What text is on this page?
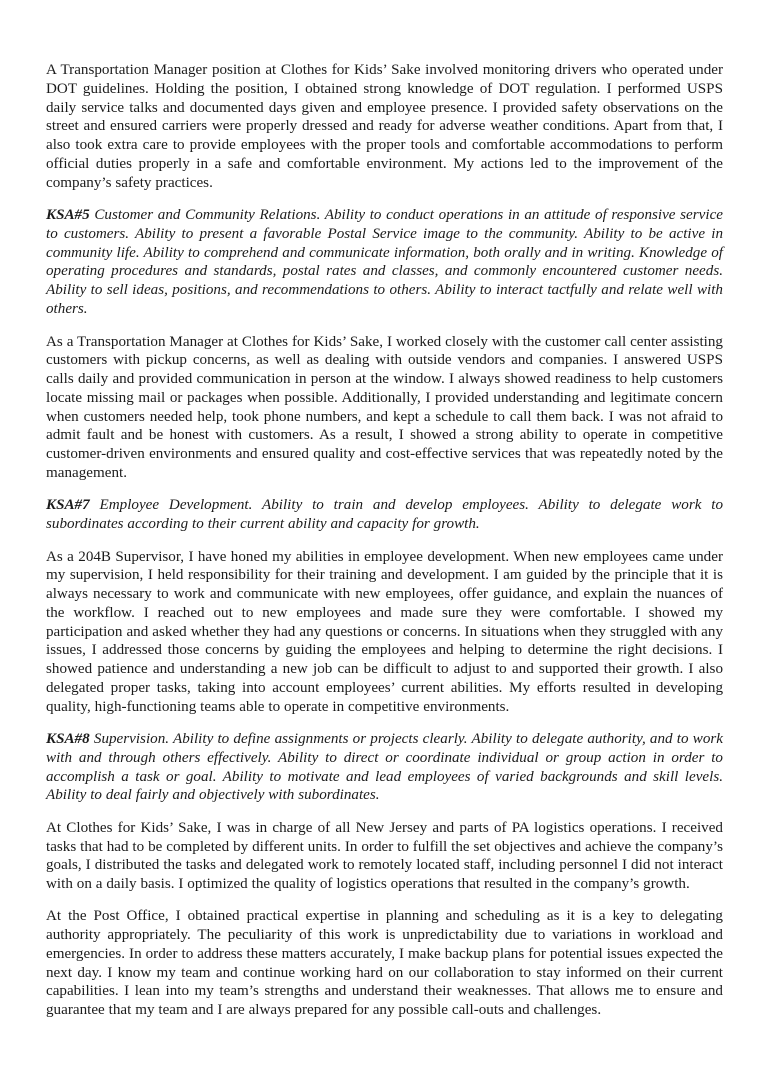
A Transportation Manager position at Clothes for Kids’ Sake involved monitoring drivers who operated under DOT guidelines. Holding the position, I obtained strong knowledge of DOT regulation. I performed USPS daily service talks and documented days given and employee presence. I provided safety observations on the street and ensured carriers were properly dressed and ready for adverse weather conditions. Apart from that, I also took extra care to provide employees with the proper tools and comfortable accommodations to perform official duties properly in a safe and comfortable environment. My actions led to the improvement of the company’s safety practices.

KSA#5 Customer and Community Relations. Ability to conduct operations in an attitude of responsive service to customers. Ability to present a favorable Postal Service image to the community. Ability to be active in community life. Ability to comprehend and communicate information, both orally and in writing. Knowledge of operating procedures and standards, postal rates and classes, and commonly encountered customer needs. Ability to sell ideas, positions, and recommendations to others. Ability to interact tactfully and relate well with others.

As a Transportation Manager at Clothes for Kids’ Sake, I worked closely with the customer call center assisting customers with pickup concerns, as well as dealing with outside vendors and companies. I answered USPS calls daily and provided communication in person at the window. I always showed readiness to help customers locate missing mail or packages when possible. Additionally, I provided understanding and legitimate concern when customers needed help, took phone numbers, and kept a schedule to call them back. I was not afraid to admit fault and be honest with customers. As a result, I showed a strong ability to operate in competitive customer-driven environments and ensured quality and cost-effective services that was repeatedly noted by the management.

KSA#7 Employee Development. Ability to train and develop employees. Ability to delegate work to subordinates according to their current ability and capacity for growth.

As a 204B Supervisor, I have honed my abilities in employee development. When new employees came under my supervision, I held responsibility for their training and development. I am guided by the principle that it is always necessary to work and communicate with new employees, offer guidance, and explain the nuances of the workflow. I reached out to new employees and made sure they were comfortable. I showed my participation and asked whether they had any questions or concerns. In situations when they struggled with any issues, I addressed those concerns by guiding the employees and helping to determine the right decisions. I showed patience and understanding a new job can be difficult to adjust to and supported their growth. I also delegated proper tasks, taking into account employees’ current abilities. My efforts resulted in developing quality, high-functioning teams able to operate in competitive environments.

KSA#8 Supervision. Ability to define assignments or projects clearly. Ability to delegate authority, and to work with and through others effectively. Ability to direct or coordinate individual or group action in order to accomplish a task or goal. Ability to motivate and lead employees of varied backgrounds and skill levels. Ability to deal fairly and objectively with subordinates.

At Clothes for Kids’ Sake, I was in charge of all New Jersey and parts of PA logistics operations. I received tasks that had to be completed by different units. In order to fulfill the set objectives and achieve the company’s goals, I distributed the tasks and delegated work to remotely located staff, including personnel I did not interact with on a daily basis. I optimized the quality of logistics operations that resulted in the company’s growth.

At the Post Office, I obtained practical expertise in planning and scheduling as it is a key to delegating authority appropriately. The peculiarity of this work is unpredictability due to variations in workload and emergencies. In order to address these matters accurately, I make backup plans for potential issues expected the next day. I know my team and continue working hard on our collaboration to stay informed on their current capabilities. I lean into my team’s strengths and understand their weaknesses. That allows me to ensure and guarantee that my team and I are always prepared for any possible call-outs and challenges.
